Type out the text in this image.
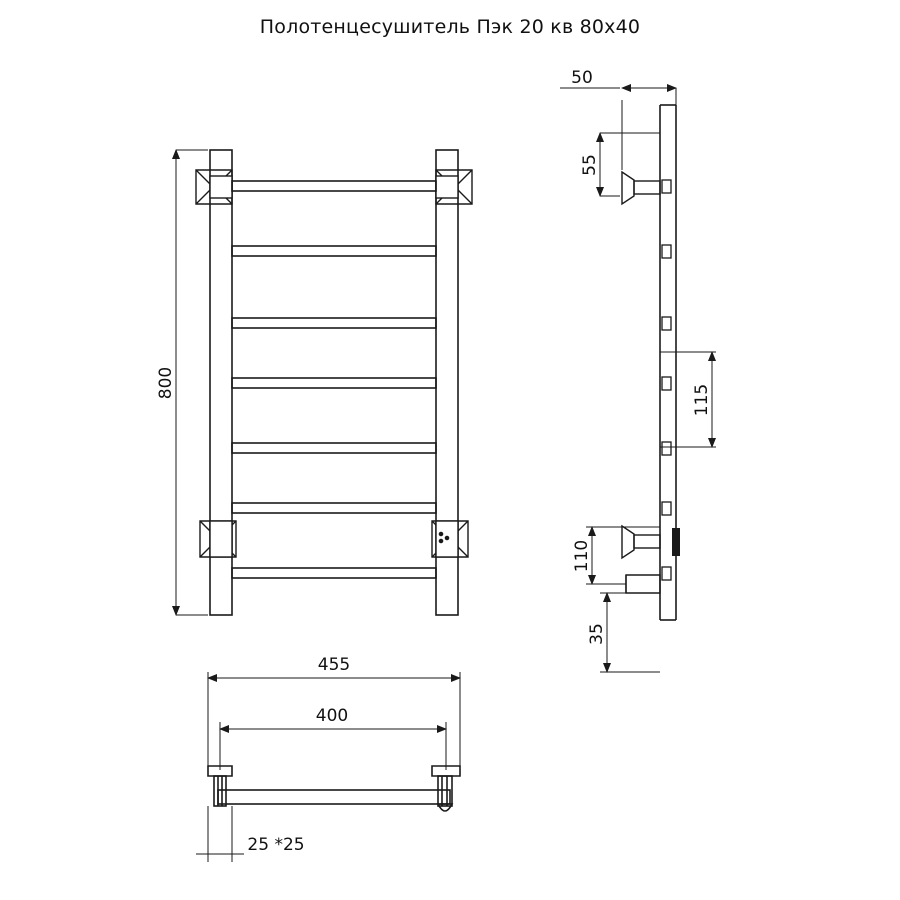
Полотенцесушитель Пэк 20 кв 80х40
800
50
55
115
110
35
455
400
25 *25
